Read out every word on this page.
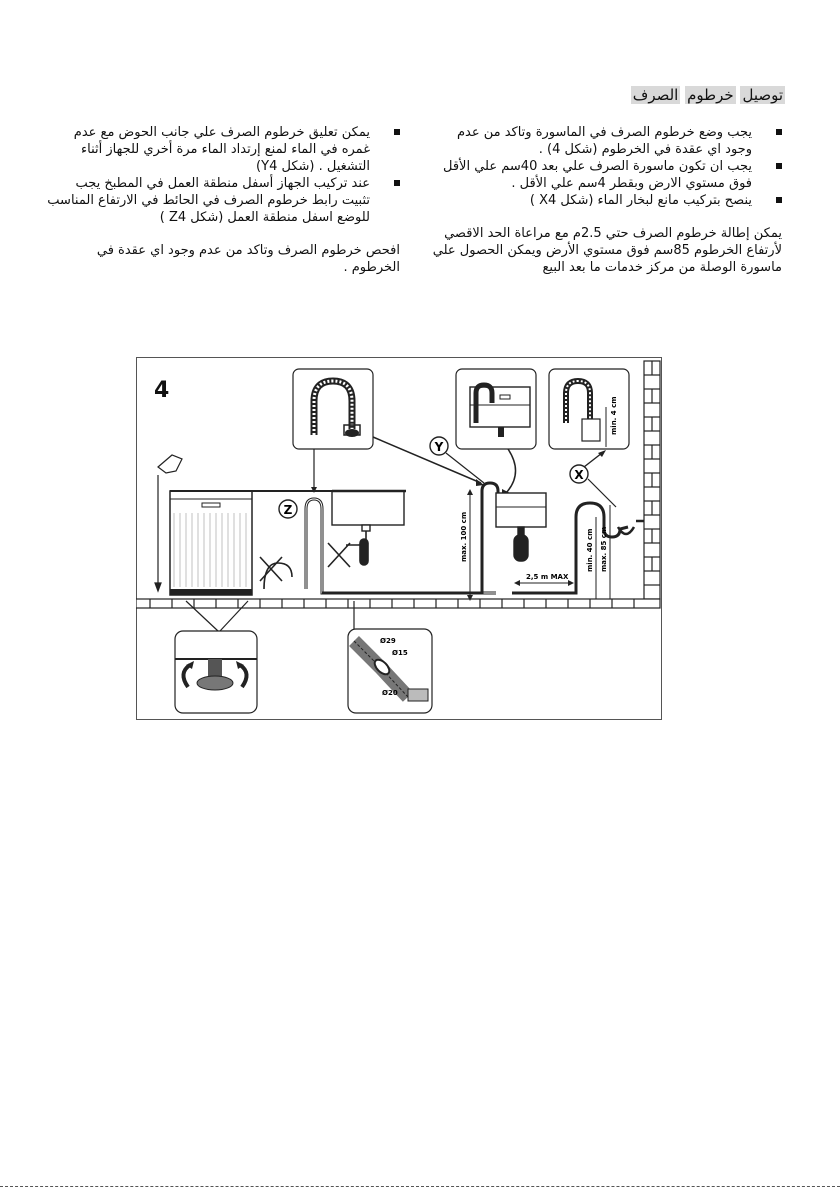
توصيل خرطوم الصرف
يجب وضع خرطوم الصرف في الماسورة وتاكد من عدم وجود اي عقدة في الخرطوم (شكل 4) .
يجب ان تكون ماسورة الصرف علي بعد 40سم علي الأقل فوق مستوي الارض وبقطر 4سم علي الأقل .
ينصح بتركيب مانع لبخار الماء (شكل X4 )

يمكن إطالة خرطوم الصرف حتي 2.5م مع مراعاة الحد الاقصي لأرتفاع الخرطوم 85سم فوق مستوي الأرض ويمكن الحصول علي ماسورة الوصلة من مركز خدمات ما بعد البيع

يمكن تعليق خرطوم الصرف علي جانب الحوض مع عدم غمره في الماء لمنع إرتداد الماء مرة أخري للجهاز أثناء التشغيل . (شكل Y4)
عند تركيب الجهاز أسفل منطقة العمل في المطبخ يجب تثبيت رابط خرطوم الصرف في الحائط في الارتفاع المناسب للوضع اسفل منطقة العمل (شكل Z4 )

افحص خرطوم الصرف وتاكد من عدم وجود اي عقدة في الخرطوم .

4
Z
Y
min. 4 cm
X
max. 100 cm
2,5 m MAX
min. 40 cm max. 85 cm
Ø29
Ø15
Ø20
